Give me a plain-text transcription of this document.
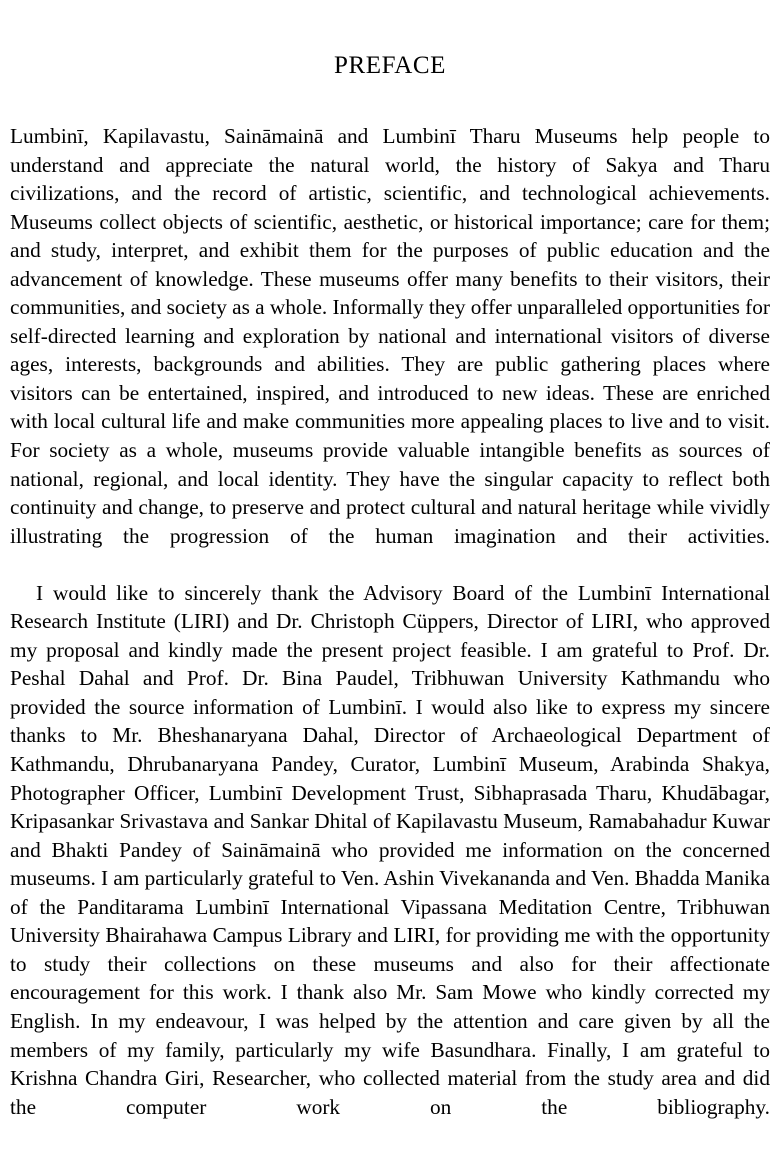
PREFACE

Lumbinī, Kapilavastu, Saināmainā and Lumbinī Tharu Museums help people to understand and appreciate the natural world, the history of Sakya and Tharu civilizations, and the record of artistic, scientific, and technological achievements. Museums collect objects of scientific, aesthetic, or historical importance; care for them; and study, interpret, and exhibit them for the purposes of public education and the advancement of knowledge. These museums offer many benefits to their visitors, their communities, and society as a whole. Informally they offer unparalleled opportunities for self-directed learning and exploration by national and international visitors of diverse ages, interests, backgrounds and abilities. They are public gathering places where visitors can be entertained, inspired, and introduced to new ideas. These are enriched with local cultural life and make communities more appealing places to live and to visit. For society as a whole, museums provide valuable intangible benefits as sources of national, regional, and local identity. They have the singular capacity to reflect both continuity and change, to preserve and protect cultural and natural heritage while vividly illustrating the progression of the human imagination and their activities.

I would like to sincerely thank the Advisory Board of the Lumbinī International Research Institute (LIRI) and Dr. Christoph Cüppers, Director of LIRI, who approved my proposal and kindly made the present project feasible. I am grateful to Prof. Dr. Peshal Dahal and Prof. Dr. Bina Paudel, Tribhuwan University Kathmandu who provided the source information of Lumbinī. I would also like to express my sincere thanks to Mr. Bheshanaryana Dahal, Director of Archaeological Department of Kathmandu, Dhrubanaryana Pandey, Curator, Lumbinī Museum, Arabinda Shakya, Photographer Officer, Lumbinī Development Trust, Sibhaprasada Tharu, Khudābagar, Kripasankar Srivastava and Sankar Dhital of Kapilavastu Museum, Ramabahadur Kuwar and Bhakti Pandey of Saināmainā who provided me information on the concerned museums. I am particularly grateful to Ven. Ashin Vivekananda and Ven. Bhadda Manika of the Panditarama Lumbinī International Vipassana Meditation Centre, Tribhuwan University Bhairahawa Campus Library and LIRI, for providing me with the opportunity to study their collections on these museums and also for their affectionate encouragement for this work. I thank also Mr. Sam Mowe who kindly corrected my English. In my endeavour, I was helped by the attention and care given by all the members of my family, particularly my wife Basundhara. Finally, I am grateful to Krishna Chandra Giri, Researcher, who collected material from the study area and did the computer work on the bibliography.
